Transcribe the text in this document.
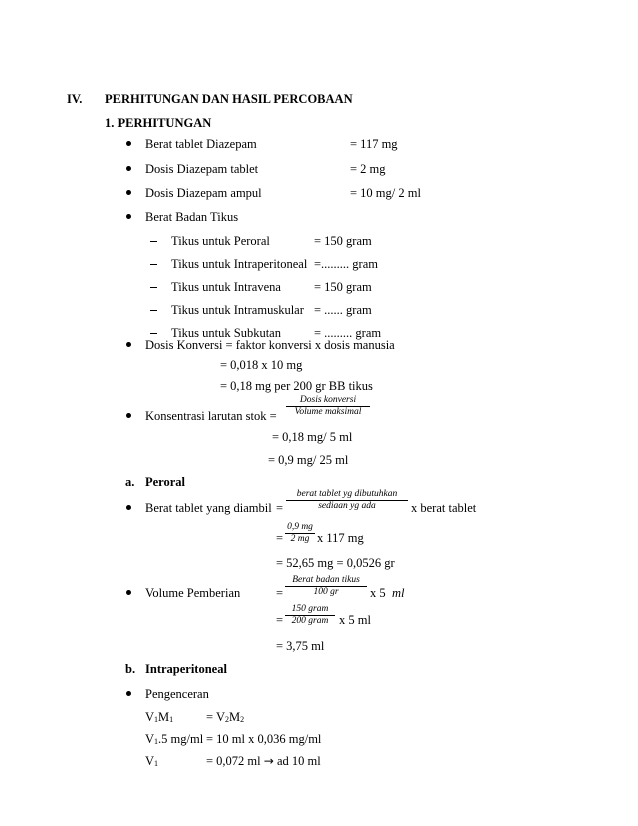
IV. PERHITUNGAN DAN HASIL PERCOBAAN
1. PERHITUNGAN
Berat tablet Diazepam	= 117 mg
Dosis Diazepam tablet	= 2 mg
Dosis Diazepam ampul	= 10 mg/ 2 ml
Berat Badan Tikus
Tikus untuk Peroral	= 150 gram
Tikus untuk Intraperitoneal =......... gram
Tikus untuk Intravena	= 150 gram
Tikus untuk Intramuskular = ...... gram
Tikus untuk Subkutan	= ......... gram
Dosis Konversi = faktor konversi x dosis manusia
= 0,018 x 10 mg
= 0,18 mg per 200 gr BB tikus
Konsentrasi larutan stok =
Dosis konversi
Volume maksimal
= 0,18 mg/ 5 ml
= 0,9 mg/ 25 ml
a. Peroral
Berat tablet yang diambil =
berat tablet yg dibutuhkan
sediaan yg ada	x berat tablet
=
0,9 mg
2 mg x 117 mg
= 52,65 mg = 0,0526 gr
Volume Pemberian	=
Berat badan tikus
100 gr	x 5 ml
=
150 gram
200 gram x 5 ml
= 3,75 ml
b. Intraperitoneal
Pengenceran
$V_1M_1$	= $V_2M_2$
$V_1.5$ mg/ml = 10 ml x 0,036 mg/ml
$V_1$	= 0,072 ml → ad 10 ml
